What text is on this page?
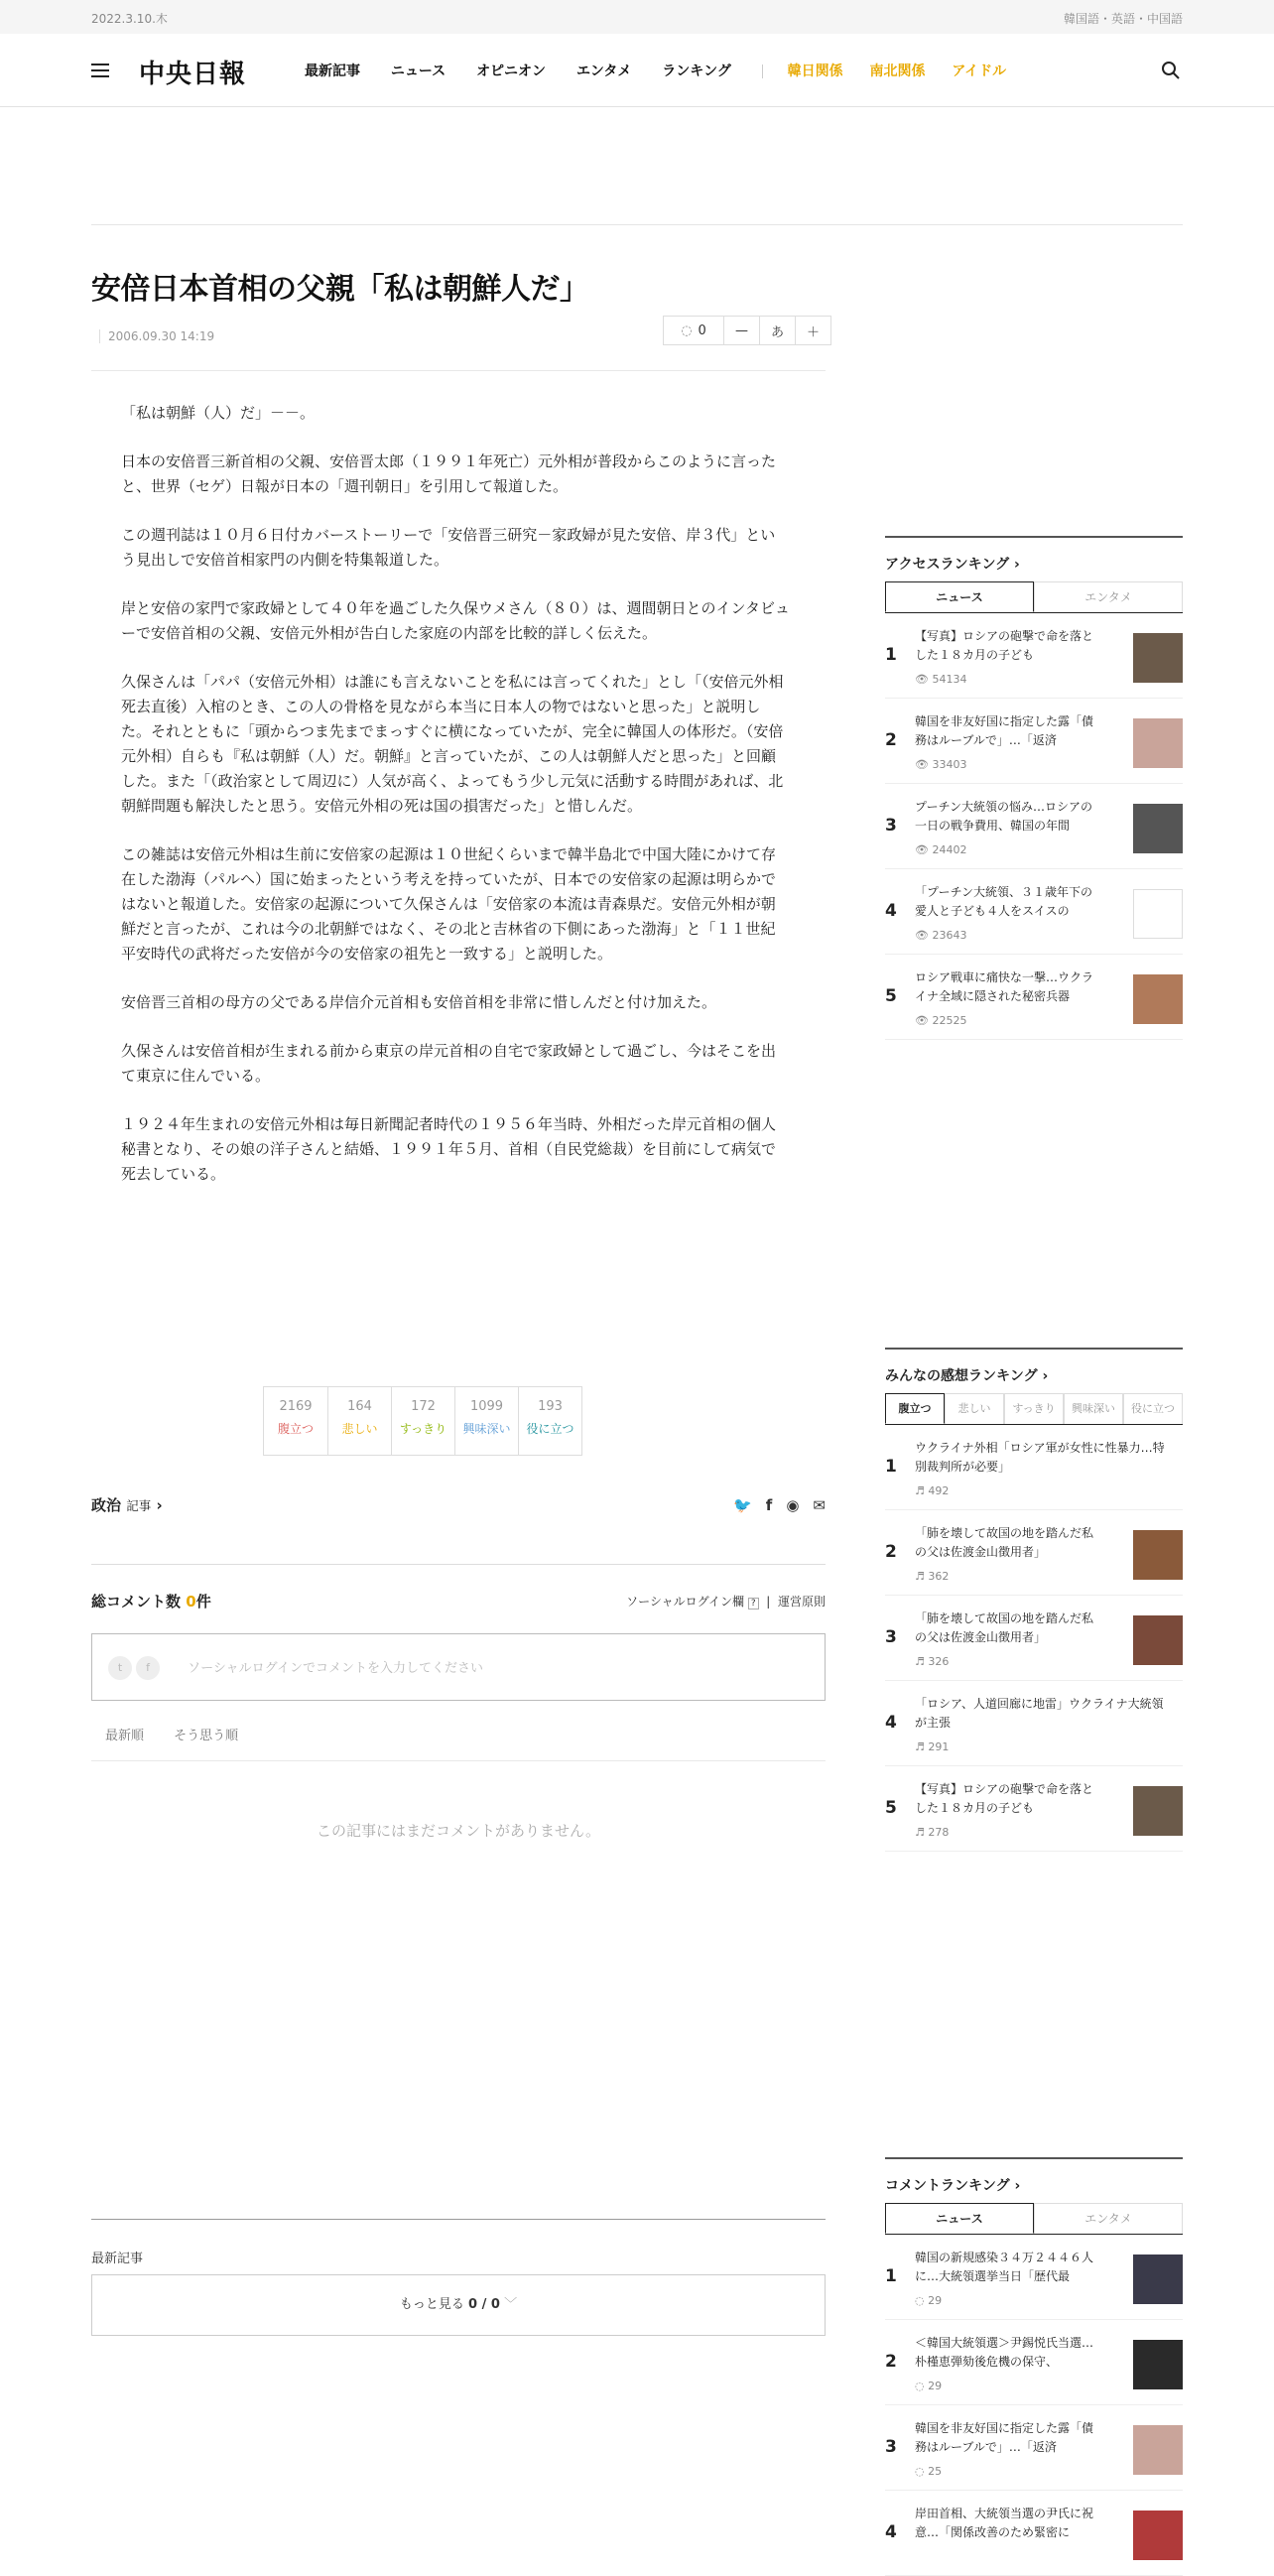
2022.3.10.木	韓国語・英語・中国語
中央日報	最新記事 ニュース オピニオン エンタメ ランキング	韓日関係 南北関係 アイドル
安倍日本首相の父親「私は朝鮮人だ」
2006.09.30 14:19	◌ 0	—	あ	＋

「私は朝鮮（人）だ」－－。

日本の安倍晋三新首相の父親、安倍晋太郎（１９９１年死亡）元外相が普段からこのように言ったと、世界（セゲ）日報が日本の「週刊朝日」を引用して報道した。

この週刊誌は１０月６日付カバーストーリーで「安倍晋三研究－家政婦が見た安倍、岸３代」という見出しで安倍首相家門の内側を特集報道した。

岸と安倍の家門で家政婦として４０年を過ごした久保ウメさん（８０）は、週間朝日とのインタビューで安倍首相の父親、安倍元外相が告白した家庭の内部を比較的詳しく伝えた。

久保さんは「パパ（安倍元外相）は誰にも言えないことを私には言ってくれた」とし「（安倍元外相死去直後）入棺のとき、この人の骨格を見ながら本当に日本人の物ではないと思った」と説明した。それとともに「頭からつま先までまっすぐに横になっていたが、完全に韓国人の体形だ。（安倍元外相）自らも『私は朝鮮（人）だ。朝鮮』と言っていたが、この人は朝鮮人だと思った」と回顧した。また「（政治家として周辺に）人気が高く、よってもう少し元気に活動する時間があれば、北朝鮮問題も解決したと思う。安倍元外相の死は国の損害だった」と惜しんだ。

この雑誌は安倍元外相は生前に安倍家の起源は１０世紀くらいまで韓半島北で中国大陸にかけて存在した渤海（パルヘ）国に始まったという考えを持っていたが、日本での安倍家の起源は明らかではないと報道した。安倍家の起源について久保さんは「安倍家の本流は青森県だ。安倍元外相が朝鮮だと言ったが、これは今の北朝鮮ではなく、その北と吉林省の下側にあった渤海」と「１１世紀平安時代の武将だった安倍が今の安倍家の祖先と一致する」と説明した。

安倍晋三首相の母方の父である岸信介元首相も安倍首相を非常に惜しんだと付け加えた。

久保さんは安倍首相が生まれる前から東京の岸元首相の自宅で家政婦として過ごし、今はそこを出て東京に住んでいる。

１９２４年生まれの安倍元外相は毎日新聞記者時代の１９５６年当時、外相だった岸元首相の個人秘書となり、その娘の洋子さんと結婚、１９９１年５月、首相（自民党総裁）を目前にして病気で死去している。

2169
腹立つ
164
悲しい
172
すっきり
1099
興味深い
193
役に立つ
政治 記事 ›	🐦 f ◉ ✉
総コメント数 0件	ソーシャルログイン欄 ?  |  運営原則
t f	ソーシャルログインでコメントを入力してください
最新順 そう思う順
この記事にはまだコメントがありません。
最新記事
もっと見る 0 / 0 ﹀
アクセスランキング ›
ニュース	エンタメ
1
【写真】ロシアの砲撃で命を落とした１８カ月の子ども
👁 54134
2
韓国を非友好国に指定した露「債務はルーブルで」…「返済
👁 33403
3
プーチン大統領の悩み…ロシアの一日の戦争費用、韓国の年間
👁 24402
4
「プーチン大統領、３１歳年下の愛人と子ども４人をスイスの
👁 23643
5
ロシア戦車に痛快な一撃…ウクライナ全域に隠された秘密兵器
👁 22525
みんなの感想ランキング ›
腹立つ	悲しい	すっきり	興味深い	役に立つ
1
ウクライナ外相「ロシア軍が女性に性暴力…特別裁判所が必要」
♬ 492
2
「肺を壊して故国の地を踏んだ私の父は佐渡金山徴用者」
♬ 362
3
「肺を壊して故国の地を踏んだ私の父は佐渡金山徴用者」
♬ 326
4
「ロシア、人道回廊に地雷」ウクライナ大統領が主張
♬ 291
5
【写真】ロシアの砲撃で命を落とした１８カ月の子ども
♬ 278
コメントランキング ›
ニュース	エンタメ
1
韓国の新規感染３４万２４４６人に…大統領選挙当日「歴代最
◌ 29
2
＜韓国大統領選＞尹錫悦氏当選…朴槿恵弾劾後危機の保守、
◌ 29
3
韓国を非友好国に指定した露「債務はルーブルで」…「返済
◌ 25
4
岸田首相、大統領当選の尹氏に祝意…「関係改善のため緊密に
